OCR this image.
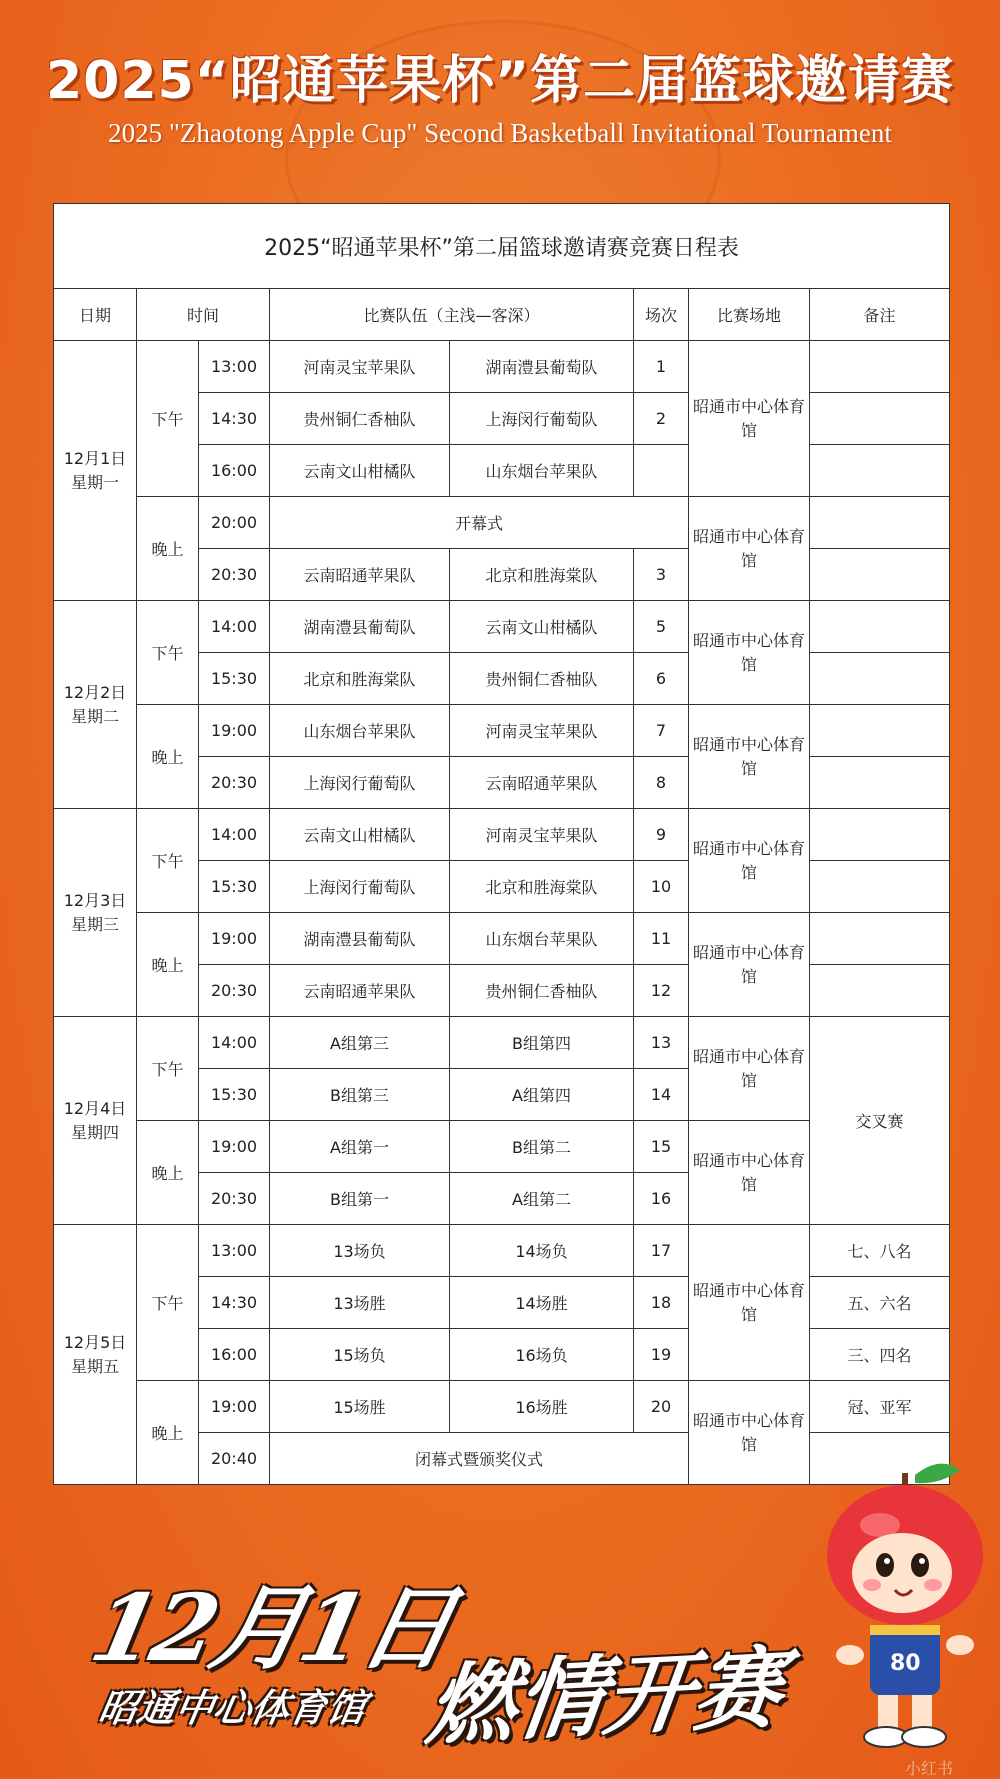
2025“昭通苹果杯”第二届篮球邀请赛
2025 "Zhaotong Apple Cup" Second Basketball Invitational Tournament
2025“昭通苹果杯”第二届篮球邀请赛竞赛日程表							
日期	时间		比赛队伍（主浅—客深）		场次	比赛场地	备注

12月1日
星期一	下午	13:00	河南灵宝苹果队	湖南澧县葡萄队	1	昭通市中心体育馆	
		14:30	贵州铜仁香柚队	上海闵行葡萄队	2		
		16:00	云南文山柑橘队	山东烟台苹果队			
	晚上	20:00	开幕式			昭通市中心体育馆	
		20:30	云南昭通苹果队	北京和胜海棠队	3		

12月2日
星期二	下午	14:00	湖南澧县葡萄队	云南文山柑橘队	5	昭通市中心体育馆	
		15:30	北京和胜海棠队	贵州铜仁香柚队	6		
	晚上	19:00	山东烟台苹果队	河南灵宝苹果队	7	昭通市中心体育馆	
		20:30	上海闵行葡萄队	云南昭通苹果队	8		

12月3日
星期三	下午	14:00	云南文山柑橘队	河南灵宝苹果队	9	昭通市中心体育馆	
		15:30	上海闵行葡萄队	北京和胜海棠队	10		
	晚上	19:00	湖南澧县葡萄队	山东烟台苹果队	11	昭通市中心体育馆	
		20:30	云南昭通苹果队	贵州铜仁香柚队	12		

12月4日
星期四	下午	14:00	A组第三	B组第四	13	昭通市中心体育馆	交叉赛
		15:30	B组第三	A组第四	14		
	晚上	19:00	A组第一	B组第二	15	昭通市中心体育馆	
		20:30	B组第一	A组第二	16		

12月5日
星期五	下午	13:00	13场负	14场负	17	昭通市中心体育馆	七、八名
		14:30	13场胜	14场胜	18		五、六名
		16:00	15场负	16场负	19		三、四名
	晚上	19:00	15场胜	16场胜	20	昭通市中心体育馆	冠、亚军
		20:40	闭幕式暨颁奖仪式				
12月1日
昭通中心体育馆 燃情开赛	80
小红书
